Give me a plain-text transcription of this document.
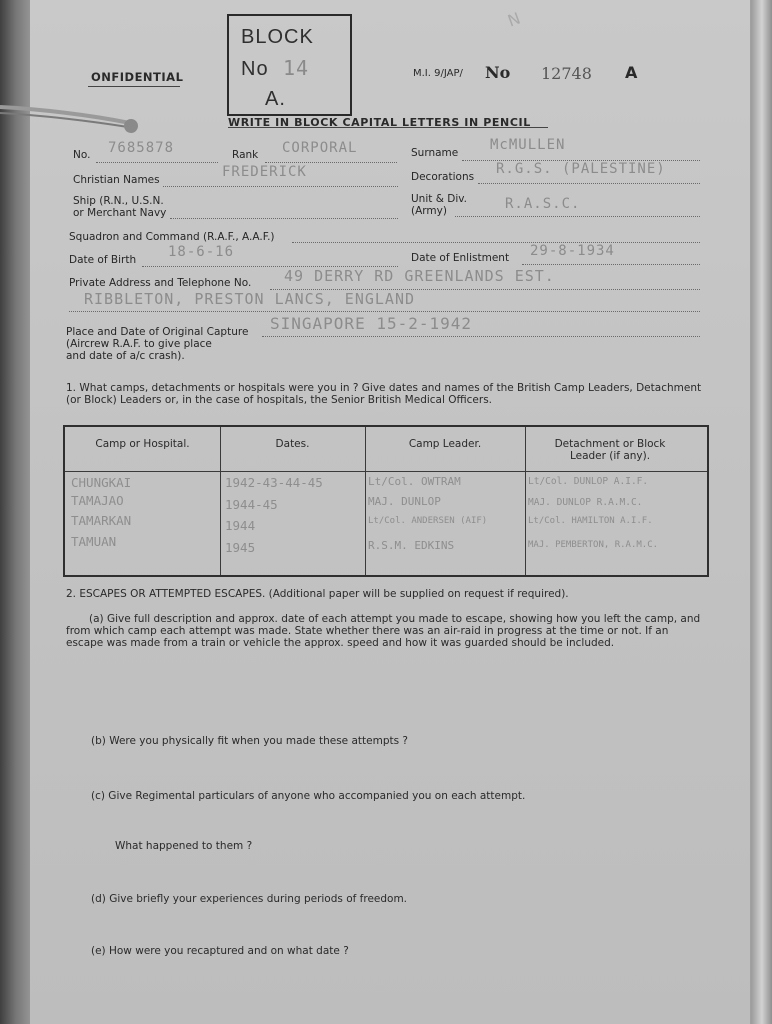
ONFIDENTIAL	M.I. 9/JAP/ No 12748 A
N
WRITE IN BLOCK CAPITAL LETTERS IN PENCIL
BLOCK
No 14
A.
No. 7685878	Rank CORPORAL	Surname McMULLEN
Christian Names	FREDERICK	Decorations R.G.S. (PALESTINE)
Ship (R.N., U.S.N.
or Merchant Navy
Unit & Div.
(Army)	R.A.S.C.
Squadron and Command (R.A.F., A.A.F.)
Date of Birth 18-6-16	Date of Enlistment 29-8-1934
Private Address and Telephone No. 49 DERRY RD GREENLANDS EST.
RIBBLETON, PRESTON LANCS, ENGLAND
Place and Date of Original Capture
(Aircrew R.A.F. to give place
and date of a/c crash).
SINGAPORE 15-2-1942
1. What camps, detachments or hospitals were you in ? Give dates and names of the British Camp Leaders, Detachment
(or Block) Leaders or, in the case of hospitals, the Senior British Medical Officers.
Camp or Hospital.	Dates.	Camp Leader.	Detachment or Block Leader (if any).
CHUNGKAI	1942-43-44-45	Lt/Col. OWTRAM	Lt/Col. DUNLOP A.I.F.
TAMAJAO	1944-45	MAJ. DUNLOP	MAJ. DUNLOP R.A.M.C.
TAMARKAN	1944	Lt/Col. ANDERSEN (AIF)	Lt/Col. HAMILTON A.I.F.
TAMUAN	1945	R.S.M. EDKINS	MAJ. PEMBERTON, R.A.M.C.
2. ESCAPES OR ATTEMPTED ESCAPES. (Additional paper will be supplied on request if required).
(a) Give full description and approx. date of each attempt you made to escape, showing how you left the camp, and
from which camp each attempt was made. State whether there was an air-raid in progress at the time or not. If an
escape was made from a train or vehicle the approx. speed and how it was guarded should be included.
(b) Were you physically fit when you made these attempts ?
(c) Give Regimental particulars of anyone who accompanied you on each attempt.
What happened to them ?
(d) Give briefly your experiences during periods of freedom.
(e) How were you recaptured and on what date ?
